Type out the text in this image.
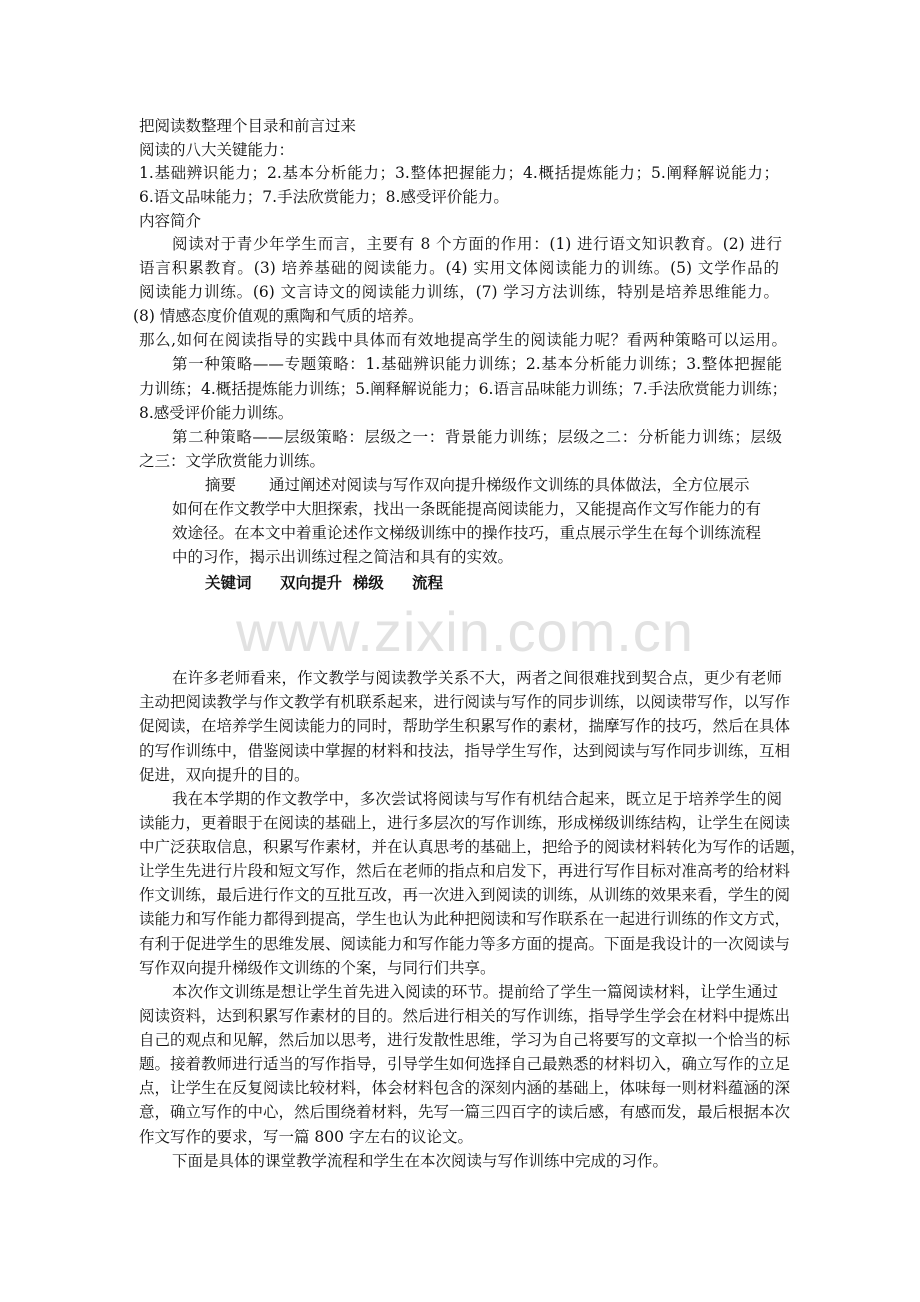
www.zixin.com.cn
把阅读数整理个目录和前言过来
阅读的八大关键能力：
1.基础辨识能力；2.基本分析能力；3.整体把握能力；4.概括提炼能力；5.阐释解说能力；
6.语文品味能力；7.手法欣赏能力；8.感受评价能力。
内容简介
阅读对于青少年学生而言，主要有 8 个方面的作用：(1) 进行语文知识教育。(2) 进行
语言积累教育。(3) 培养基础的阅读能力。(4) 实用文体阅读能力的训练。(5) 文学作品的
阅读能力训练。(6) 文言诗文的阅读能力训练，(7) 学习方法训练，特别是培养思维能力。
(8) 情感态度价值观的熏陶和气质的培养。
那么,如何在阅读指导的实践中具体而有效地提高学生的阅读能力呢？看两种策略可以运用。
第一种策略——专题策略：1.基础辨识能力训练；2.基本分析能力训练；3.整体把握能
力训练；4.概括提炼能力训练；5.阐释解说能力；6.语言品味能力训练；7.手法欣赏能力训练；
8.感受评价能力训练。
第二种策略——层级策略：层级之一：背景能力训练；层级之二：分析能力训练；层级
之三：文学欣赏能力训练。
摘要 通过阐述对阅读与写作双向提升梯级作文训练的具体做法，全方位展示
如何在作文教学中大胆探索，找出一条既能提高阅读能力，又能提高作文写作能力的有
效途径。在本文中着重论述作文梯级训练中的操作技巧，重点展示学生在每个训练流程
中的习作，揭示出训练过程之简洁和具有的实效。
关键词 双向提升  梯级 流程
在许多老师看来，作文教学与阅读教学关系不大，两者之间很难找到契合点，更少有老师
主动把阅读教学与作文教学有机联系起来，进行阅读与写作的同步训练，以阅读带写作，以写作
促阅读，在培养学生阅读能力的同时，帮助学生积累写作的素材，揣摩写作的技巧，然后在具体
的写作训练中，借鉴阅读中掌握的材料和技法，指导学生写作，达到阅读与写作同步训练，互相
促进，双向提升的目的。
我在本学期的作文教学中，多次尝试将阅读与写作有机结合起来，既立足于培养学生的阅
读能力，更着眼于在阅读的基础上，进行多层次的写作训练，形成梯级训练结构，让学生在阅读
中广泛获取信息，积累写作素材，并在认真思考的基础上，把给予的阅读材料转化为写作的话题，
让学生先进行片段和短文写作，然后在老师的指点和启发下，再进行写作目标对准高考的给材料
作文训练，最后进行作文的互批互改，再一次进入到阅读的训练，从训练的效果来看，学生的阅
读能力和写作能力都得到提高，学生也认为此种把阅读和写作联系在一起进行训练的作文方式，
有利于促进学生的思维发展、阅读能力和写作能力等多方面的提高。下面是我设计的一次阅读与
写作双向提升梯级作文训练的个案，与同行们共享。
本次作文训练是想让学生首先进入阅读的环节。提前给了学生一篇阅读材料，让学生通过
阅读资料，达到积累写作素材的目的。然后进行相关的写作训练，指导学生学会在材料中提炼出
自己的观点和见解，然后加以思考，进行发散性思维，学习为自己将要写的文章拟一个恰当的标
题。接着教师进行适当的写作指导，引导学生如何选择自己最熟悉的材料切入，确立写作的立足
点，让学生在反复阅读比较材料，体会材料包含的深刻内涵的基础上，体味每一则材料蕴涵的深
意，确立写作的中心，然后围绕着材料，先写一篇三四百字的读后感，有感而发，最后根据本次
作文写作的要求，写一篇 800 字左右的议论文。
下面是具体的课堂教学流程和学生在本次阅读与写作训练中完成的习作。
